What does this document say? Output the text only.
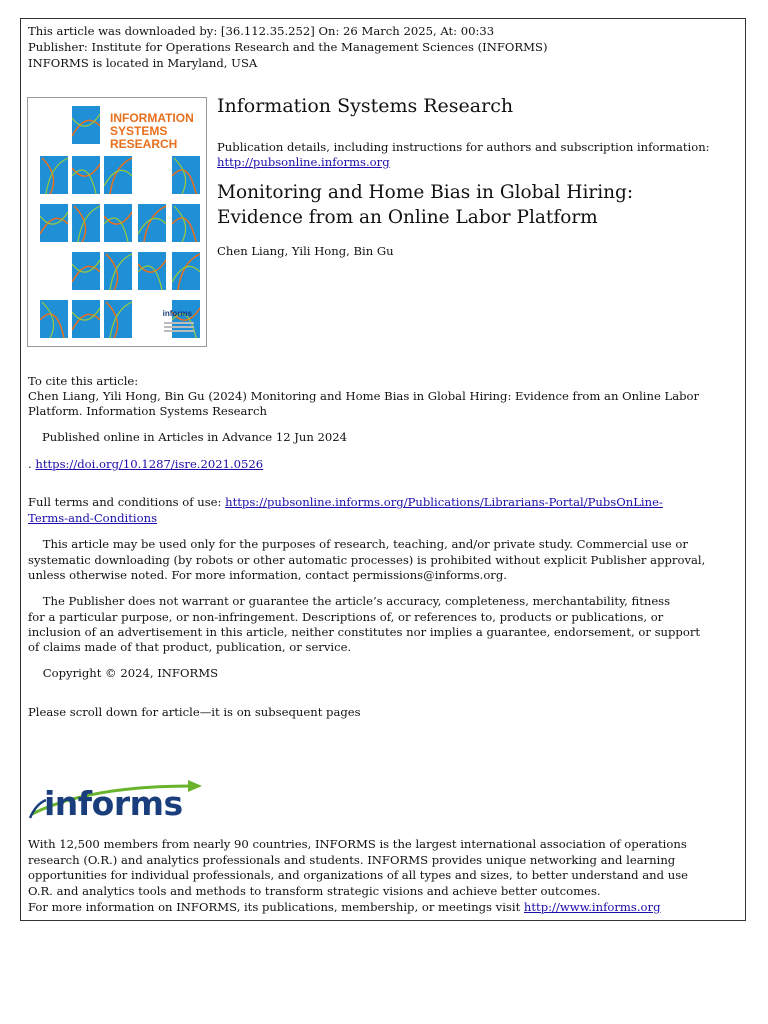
This article was downloaded by: [36.112.35.252] On: 26 March 2025, At: 00:33
Publisher: Institute for Operations Research and the Management Sciences (INFORMS)
INFORMS is located in Maryland, USA
INFORMATION
SYSTEMS
RESEARCH
informs
Information Systems Research
Publication details, including instructions for authors and subscription information:
http://pubsonline.informs.org
Monitoring and Home Bias in Global Hiring:
Evidence from an Online Labor Platform
Chen Liang, Yili Hong, Bin Gu
To cite this article:
Chen Liang, Yili Hong, Bin Gu (2024) Monitoring and Home Bias in Global Hiring: Evidence from an Online Labor
Platform. Information Systems Research
Published online in Articles in Advance 12 Jun 2024
. https://doi.org/10.1287/isre.2021.0526
Full terms and conditions of use: https://pubsonline.informs.org/Publications/Librarians-Portal/PubsOnLine-
Terms-and-Conditions
This article may be used only for the purposes of research, teaching, and/or private study. Commercial use or
systematic downloading (by robots or other automatic processes) is prohibited without explicit Publisher approval,
unless otherwise noted. For more information, contact permissions@informs.org.
The Publisher does not warrant or guarantee the article’s accuracy, completeness, merchantability, fitness
for a particular purpose, or non-infringement. Descriptions of, or references to, products or publications, or
inclusion of an advertisement in this article, neither constitutes nor implies a guarantee, endorsement, or support
of claims made of that product, publication, or service.
Copyright © 2024, INFORMS
Please scroll down for article—it is on subsequent pages
informs
With 12,500 members from nearly 90 countries, INFORMS is the largest international association of operations
research (O.R.) and analytics professionals and students. INFORMS provides unique networking and learning
opportunities for individual professionals, and organizations of all types and sizes, to better understand and use
O.R. and analytics tools and methods to transform strategic visions and achieve better outcomes.
For more information on INFORMS, its publications, membership, or meetings visit http://www.informs.org
